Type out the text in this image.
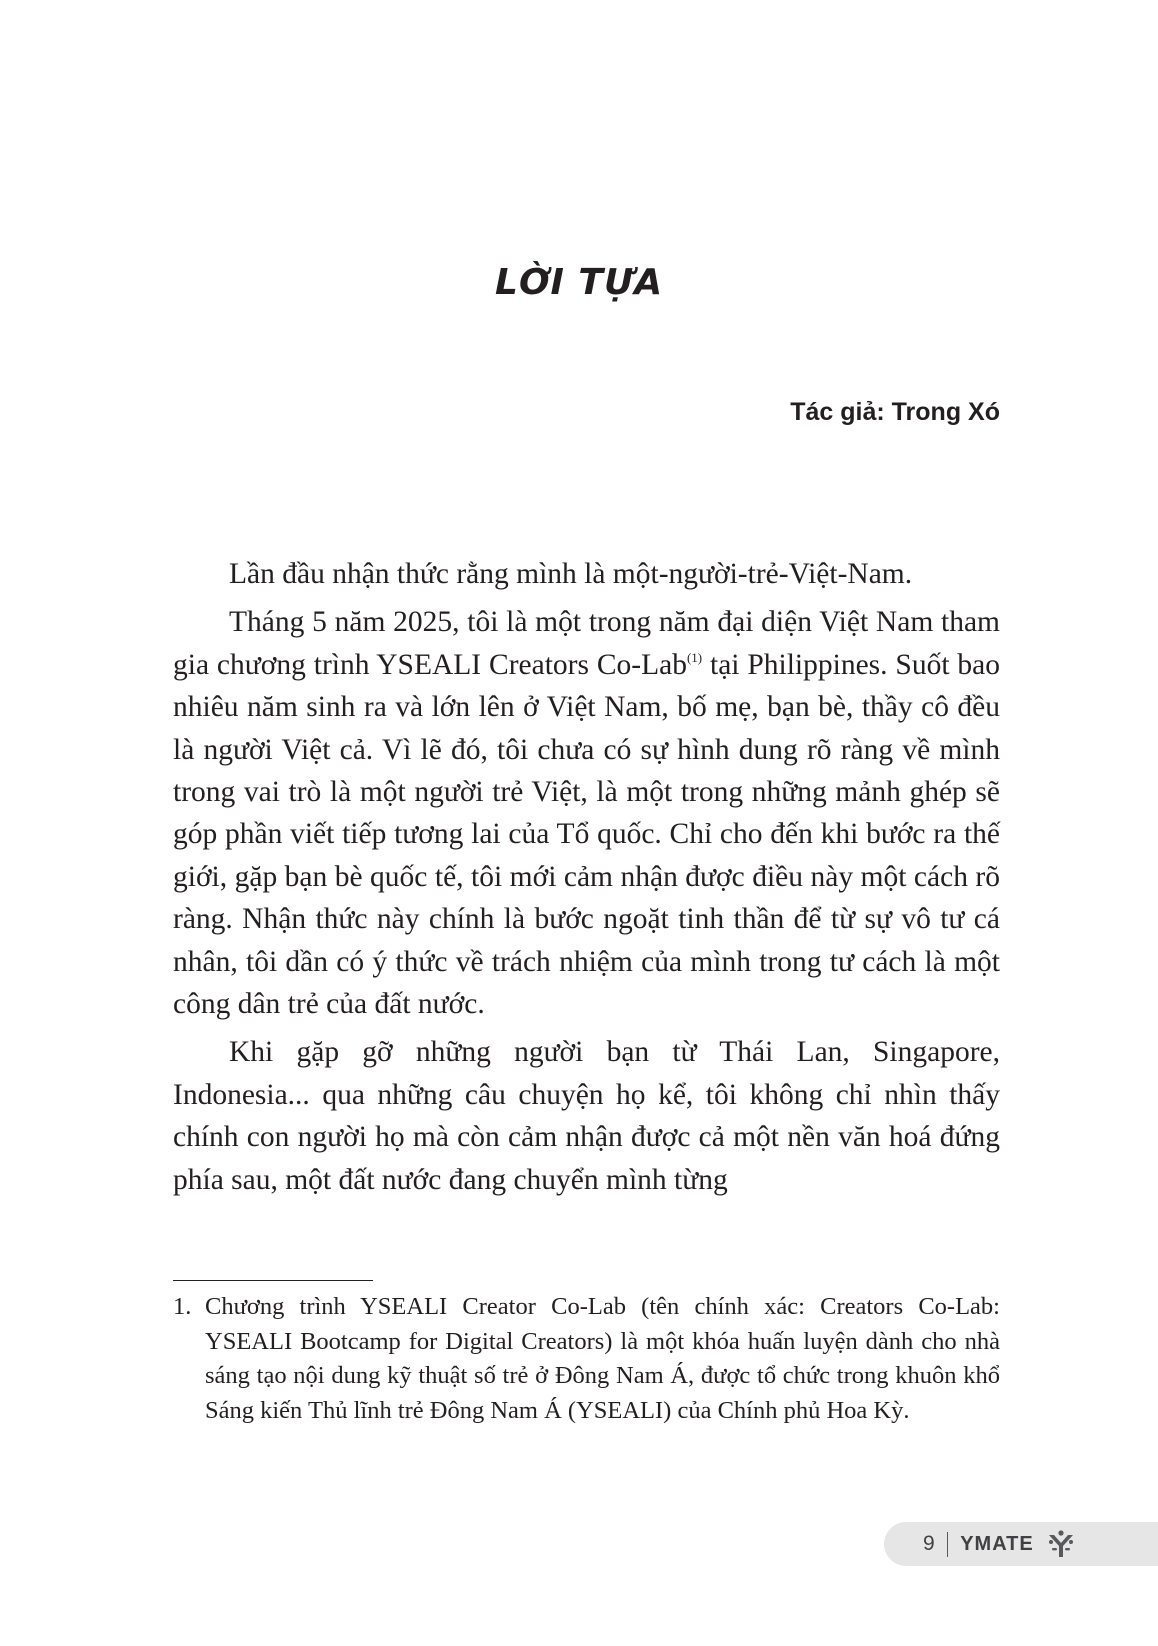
LỜI TỰA

Tác giả: Trong Xó

Lần đầu nhận thức rằng mình là một-người-trẻ-Việt-Nam.

Tháng 5 năm 2025, tôi là một trong năm đại diện Việt Nam tham gia chương trình YSEALI Creators Co-Lab$^{(1)}$ tại Philippines. Suốt bao nhiêu năm sinh ra và lớn lên ở Việt Nam, bố mẹ, bạn bè, thầy cô đều là người Việt cả. Vì lẽ đó, tôi chưa có sự hình dung rõ ràng về mình trong vai trò là một người trẻ Việt, là một trong những mảnh ghép sẽ góp phần viết tiếp tương lai của Tổ quốc. Chỉ cho đến khi bước ra thế giới, gặp bạn bè quốc tế, tôi mới cảm nhận được điều này một cách rõ ràng. Nhận thức này chính là bước ngoặt tinh thần để từ sự vô tư cá nhân, tôi dần có ý thức về trách nhiệm của mình trong tư cách là một công dân trẻ của đất nước.

Khi gặp gỡ những người bạn từ Thái Lan, Singapore, Indonesia... qua những câu chuyện họ kể, tôi không chỉ nhìn thấy chính con người họ mà còn cảm nhận được cả một nền văn hoá đứng phía sau, một đất nước đang chuyển mình từng

1. Chương trình YSEALI Creator Co-Lab (tên chính xác: Creators Co-Lab: YSEALI Bootcamp for Digital Creators) là một khóa huấn luyện dành cho nhà sáng tạo nội dung kỹ thuật số trẻ ở Đông Nam Á, được tổ chức trong khuôn khổ Sáng kiến Thủ lĩnh trẻ Đông Nam Á (YSEALI) của Chính phủ Hoa Kỳ.
9 YMATE
